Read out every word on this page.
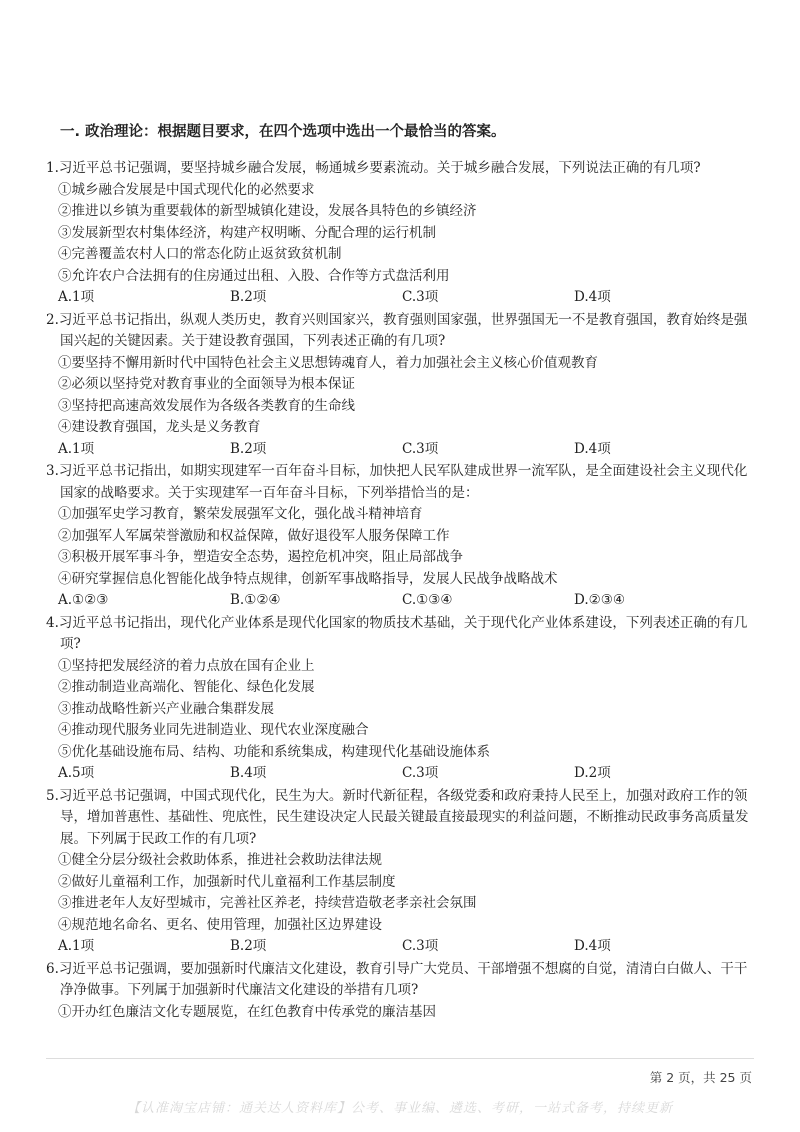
一. 政治理论：根据题目要求，在四个选项中选出一个最恰当的答案。
1.习近平总书记强调，要坚持城乡融合发展，畅通城乡要素流动。关于城乡融合发展，下列说法正确的有几项?
①城乡融合发展是中国式现代化的必然要求
②推进以乡镇为重要载体的新型城镇化建设，发展各具特色的乡镇经济
③发展新型农村集体经济，构建产权明晰、分配合理的运行机制
④完善覆盖农村人口的常态化防止返贫致贫机制
⑤允许农户合法拥有的住房通过出租、入股、合作等方式盘活利用
A.1项	B.2项	C.3项	D.4项
2.习近平总书记指出，纵观人类历史，教育兴则国家兴，教育强则国家强，世界强国无一不是教育强国，教育始终是强国兴起的关键因素。关于建设教育强国，下列表述正确的有几项?
①要坚持不懈用新时代中国特色社会主义思想铸魂育人，着力加强社会主义核心价值观教育
②必须以坚持党对教育事业的全面领导为根本保证
③坚持把高速高效发展作为各级各类教育的生命线
④建设教育强国，龙头是义务教育
A.1项	B.2项	C.3项	D.4项
3.习近平总书记指出，如期实现建军一百年奋斗目标，加快把人民军队建成世界一流军队，是全面建设社会主义现代化国家的战略要求。关于实现建军一百年奋斗目标，下列举措恰当的是：
①加强军史学习教育，繁荣发展强军文化，强化战斗精神培育
②加强军人军属荣誉激励和权益保障，做好退役军人服务保障工作
③积极开展军事斗争，塑造安全态势，遏控危机冲突，阻止局部战争
④研究掌握信息化智能化战争特点规律，创新军事战略指导，发展人民战争战略战术
A.①②③	B.①②④	C.①③④	D.②③④
4.习近平总书记指出，现代化产业体系是现代化国家的物质技术基础，关于现代化产业体系建设，下列表述正确的有几项?
①坚持把发展经济的着力点放在国有企业上
②推动制造业高端化、智能化、绿色化发展
③推动战略性新兴产业融合集群发展
④推动现代服务业同先进制造业、现代农业深度融合
⑤优化基础设施布局、结构、功能和系统集成，构建现代化基础设施体系
A.5项	B.4项	C.3项	D.2项
5.习近平总书记强调，中国式现代化，民生为大。新时代新征程，各级党委和政府秉持人民至上，加强对政府工作的领导，增加普惠性、基础性、兜底性，民生建设决定人民最关键最直接最现实的利益问题，不断推动民政事务高质量发展。下列属于民政工作的有几项?
①健全分层分级社会救助体系，推进社会救助法律法规
②做好儿童福利工作，加强新时代儿童福利工作基层制度
③推进老年人友好型城市，完善社区养老，持续营造敬老孝亲社会氛围
④规范地名命名、更名、使用管理，加强社区边界建设
A.1项	B.2项	C.3项	D.4项
6.习近平总书记强调，要加强新时代廉洁文化建设，教育引导广大党员、干部增强不想腐的自觉，清清白白做人、干干净净做事。下列属于加强新时代廉洁文化建设的举措有几项?
①开办红色廉洁文化专题展览，在红色教育中传承党的廉洁基因
第 2 页，共 25 页
【认准淘宝店铺：通关达人资料库】公考、事业编、遴选、考研，一站式备考，持续更新
